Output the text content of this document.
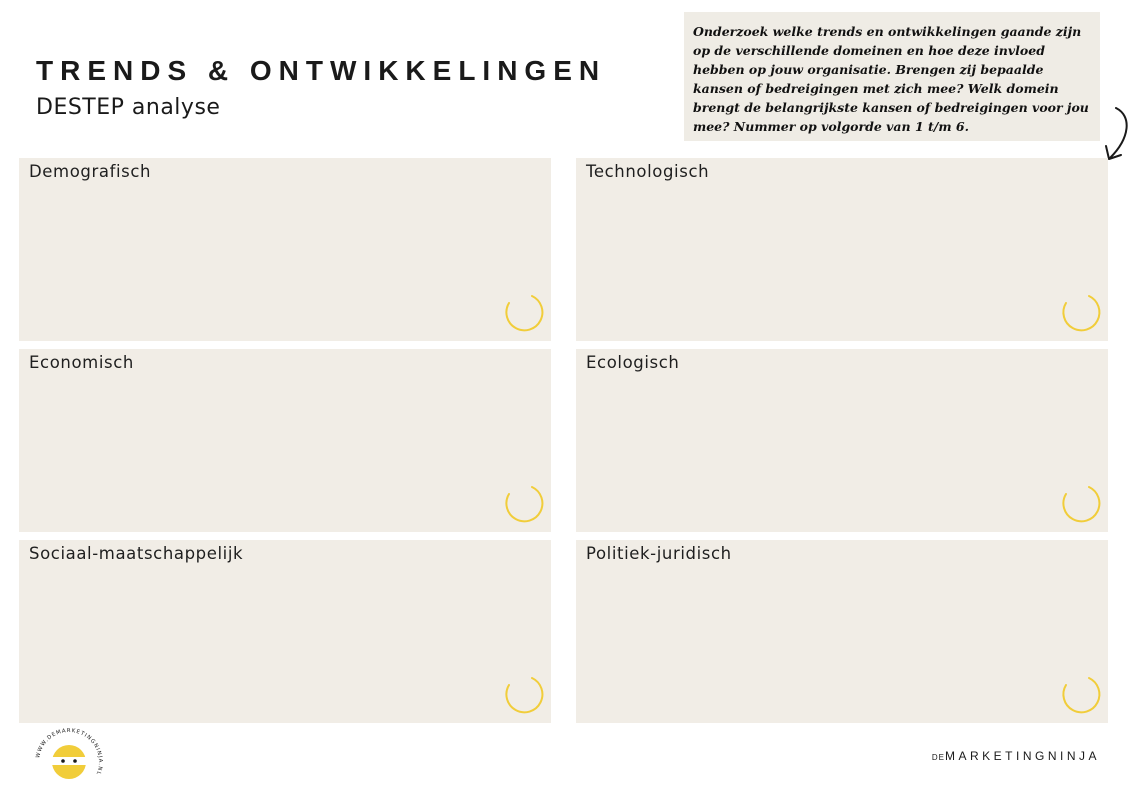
TRENDS & ONTWIKKELINGEN
DESTEP analyse
Onderzoek welke trends en ontwikkelingen gaande zijn op de verschillende domeinen en hoe deze invloed hebben op jouw organisatie. Brengen zij bepaalde kansen of bedreigingen met zich mee? Welk domein brengt de belangrijkste kansen of bedreigingen voor jou mee? Nummer op volgorde van 1 t/m 6.
Demografisch	Technologisch
Economisch	Ecologisch
Sociaal-maatschappelijk	Politiek-juridisch
WWW.DEMARKETINGNINJA.NL
DEMARKETINGNINJA
